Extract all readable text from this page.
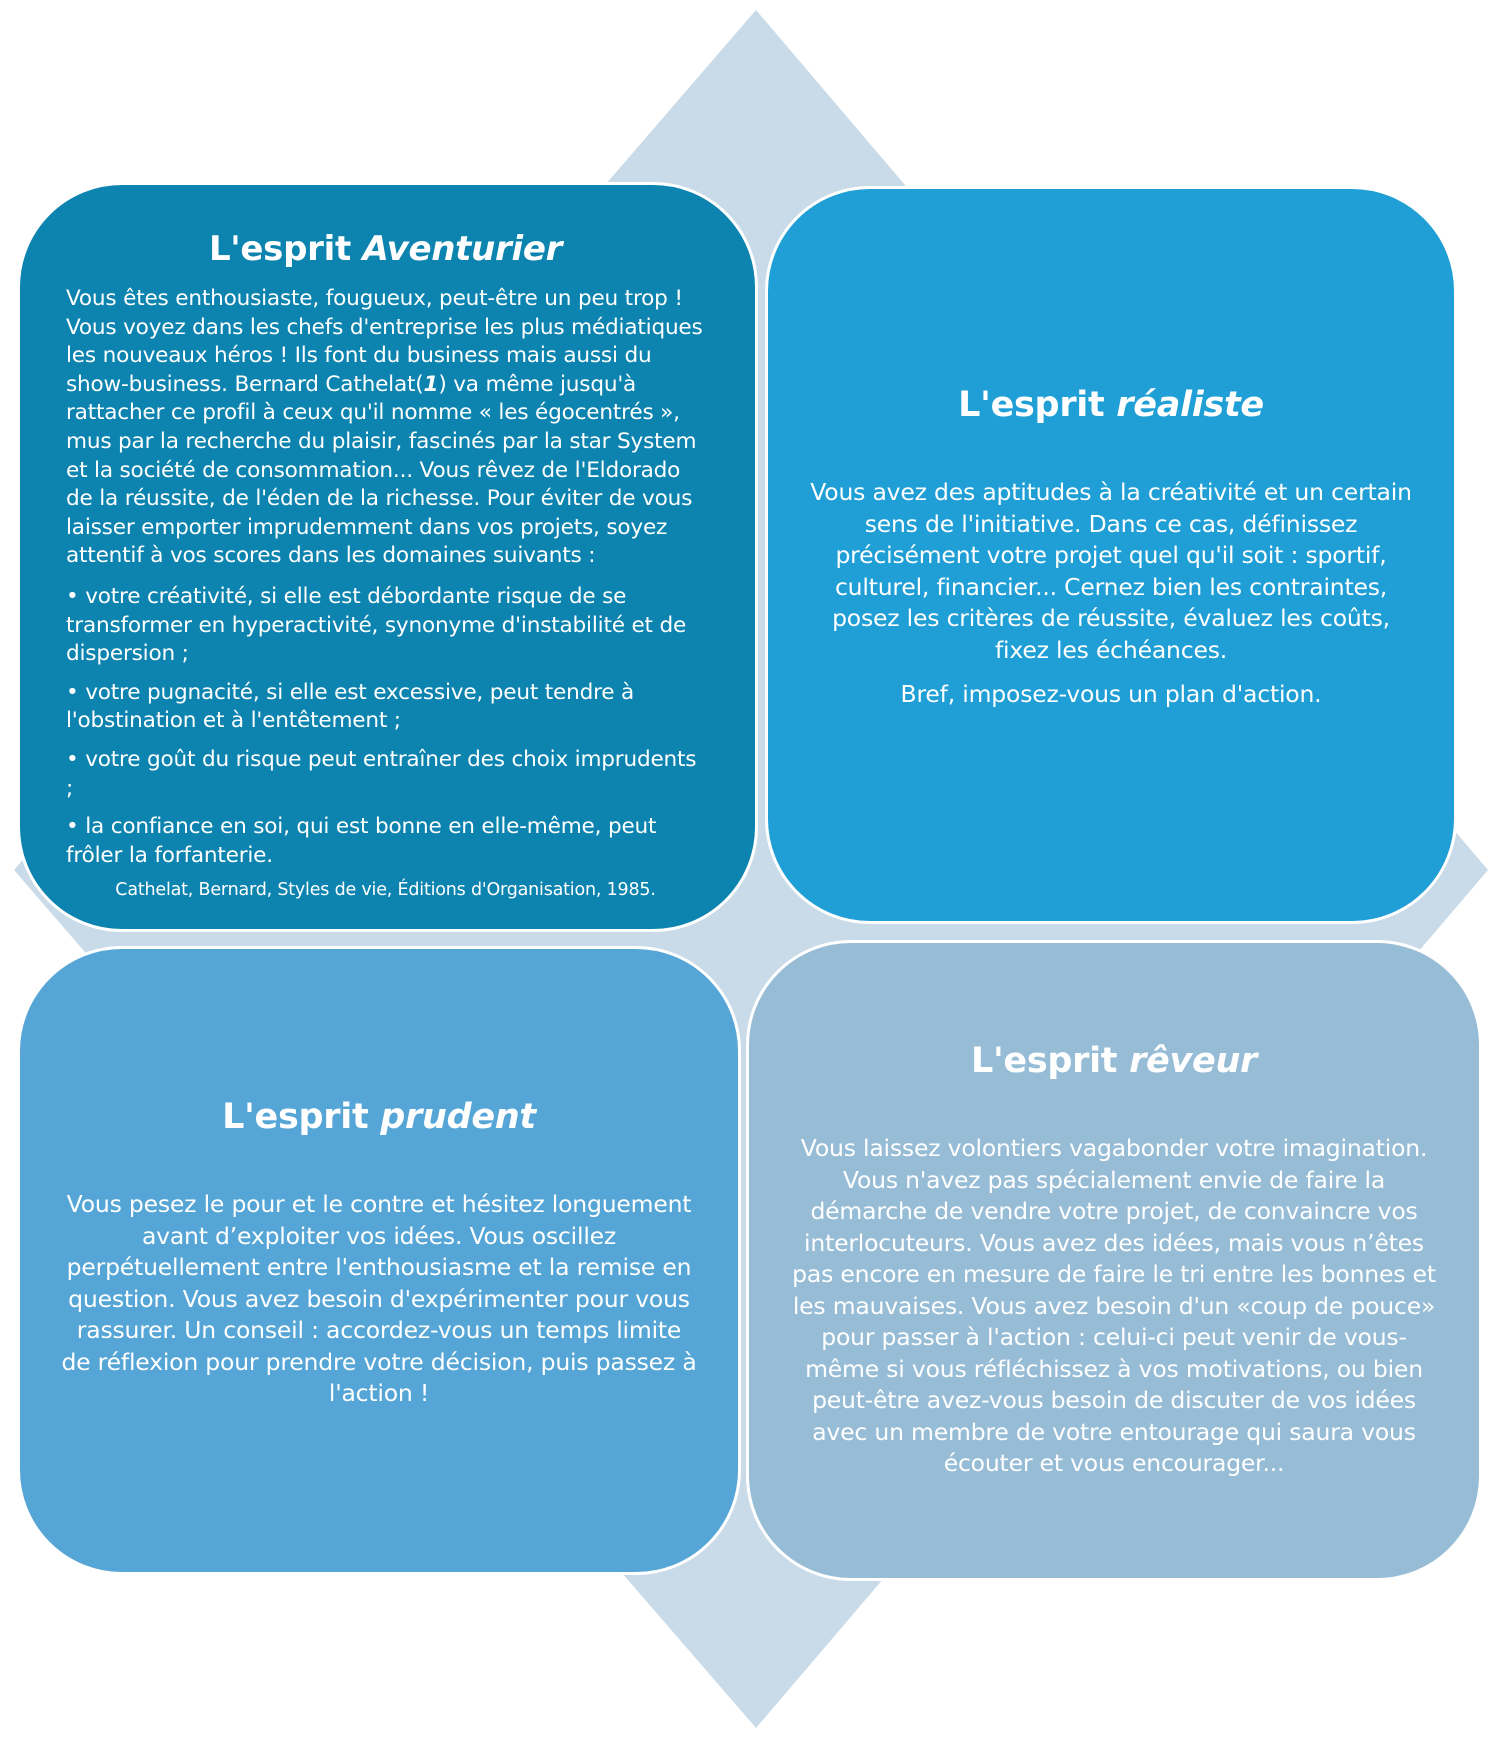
L'esprit Aventurier

Vous êtes enthousiaste, fougueux, peut-être un peu trop ! Vous voyez dans les chefs d'entreprise les plus médiatiques les nouveaux héros ! Ils font du business mais aussi du show-business. Bernard Cathelat(1) va même jusqu'à rattacher ce profil à ceux qu'il nomme « les égocentrés », mus par la recherche du plaisir, fascinés par la star System et la société de consommation... Vous rêvez de l'Eldorado de la réussite, de l'éden de la richesse. Pour éviter de vous laisser emporter imprudemment dans vos projets, soyez attentif à vos scores dans les domaines suivants :

• votre créativité, si elle est débordante risque de se transformer en hyperactivité, synonyme d'instabilité et de dispersion ;

• votre pugnacité, si elle est excessive, peut tendre à l'obstination et à l'entêtement ;

• votre goût du risque peut entraîner des choix imprudents ;

• la confiance en soi, qui est bonne en elle-même, peut frôler la forfanterie.

Cathelat, Bernard, Styles de vie, Éditions d'Organisation, 1985.

L'esprit réaliste

Vous avez des aptitudes à la créativité et un certain sens de l'initiative. Dans ce cas, définissez précisément votre projet quel qu'il soit : sportif, culturel, financier... Cernez bien les contraintes, posez les critères de réussite, évaluez les coûts, fixez les échéances.

Bref, imposez-vous un plan d'action.

L'esprit prudent

Vous pesez le pour et le contre et hésitez longuement avant d’exploiter vos idées. Vous oscillez perpétuellement entre l'enthousiasme et la remise en question. Vous avez besoin d'expérimenter pour vous rassurer. Un conseil : accordez-vous un temps limite de réflexion pour prendre votre décision, puis passez à l'action !

L'esprit rêveur

Vous laissez volontiers vagabonder votre imagination. Vous n'avez pas spécialement envie de faire la démarche de vendre votre projet, de convaincre vos interlocuteurs. Vous avez des idées, mais vous n’êtes pas encore en mesure de faire le tri entre les bonnes et les mauvaises. Vous avez besoin d'un «coup de pouce» pour passer à l'action : celui-ci peut venir de vous-même si vous réfléchissez à vos motivations, ou bien peut-être avez-vous besoin de discuter de vos idées avec un membre de votre entourage qui saura vous écouter et vous encourager...
